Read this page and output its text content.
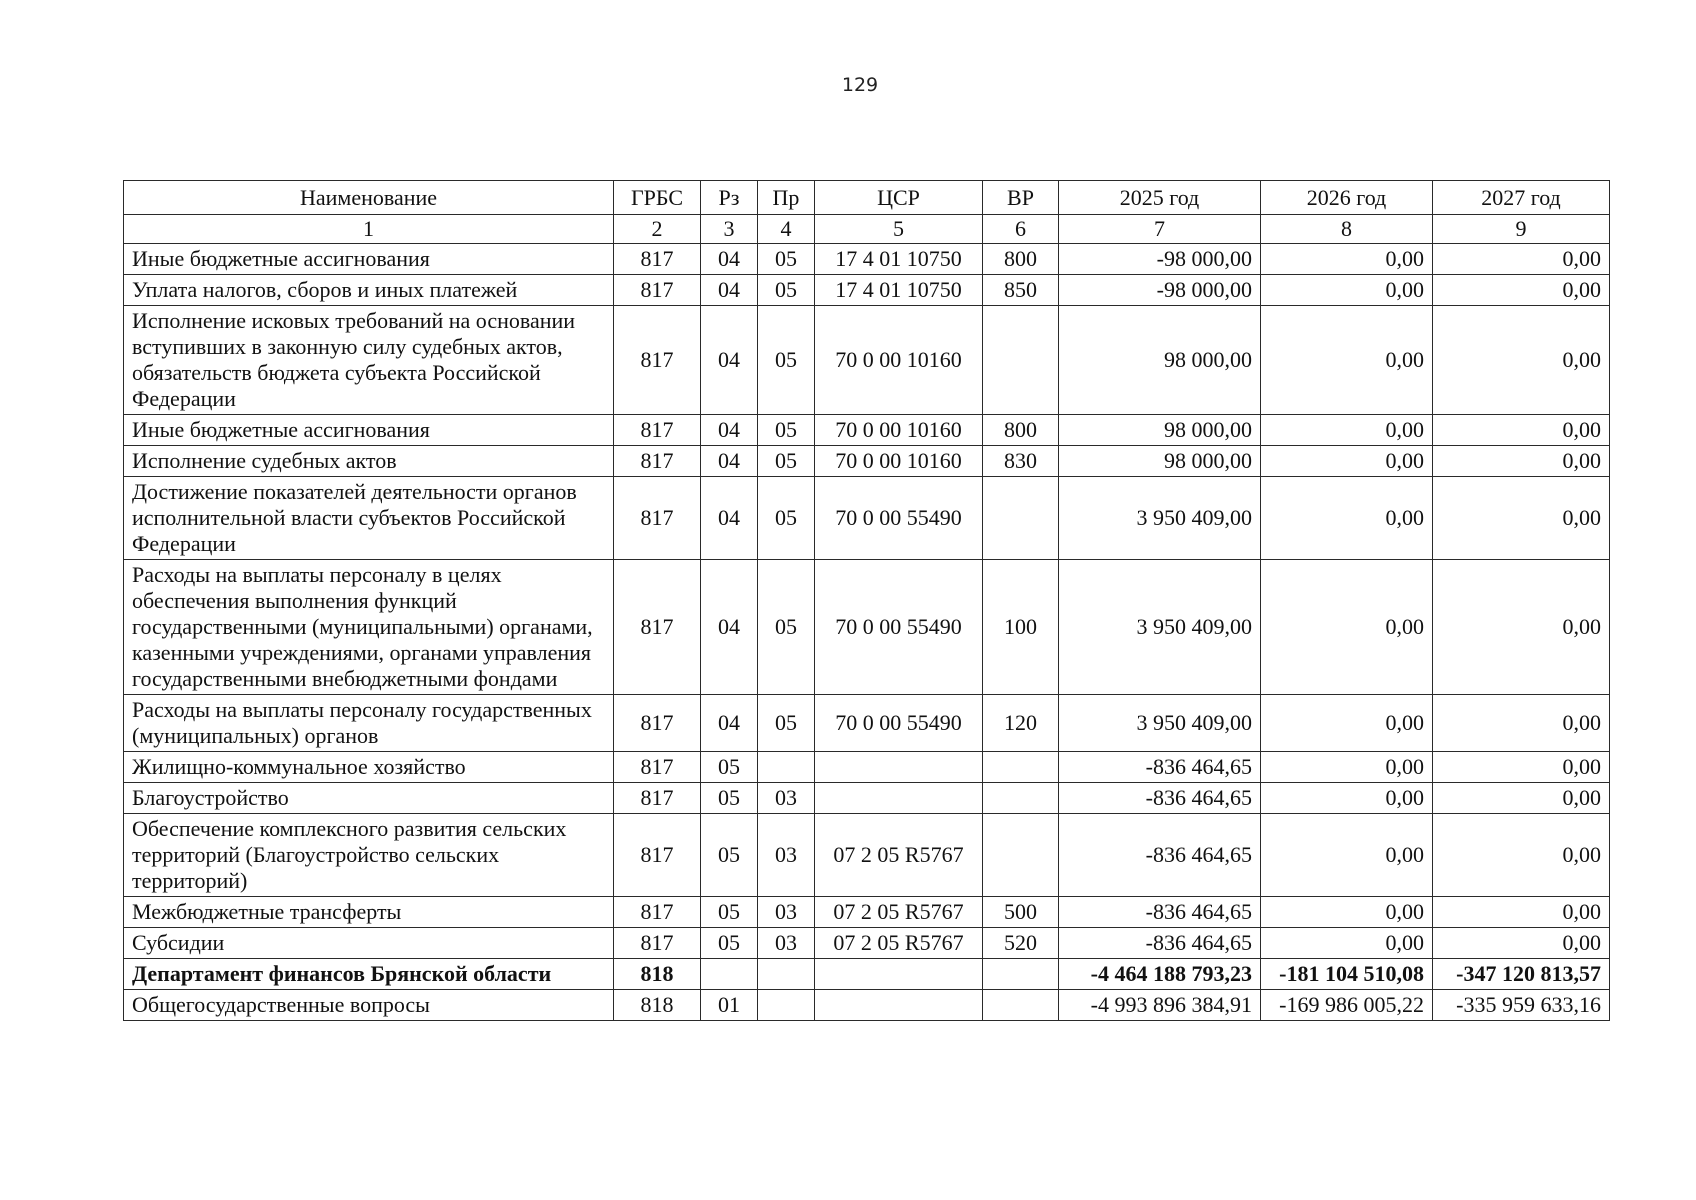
129
Наименование	ГРБС	Рз	Пр	ЦСР	ВР	2025 год	2026 год	2027 год
1	2	3	4	5	6	7	8	9
Иные бюджетные ассигнования	817	04	05	17 4 01 10750	800	-98 000,00	0,00	0,00
Уплата налогов, сборов и иных платежей	817	04	05	17 4 01 10750	850	-98 000,00	0,00	0,00
Исполнение исковых требований на основании вступивших в законную силу судебных актов, обязательств бюджета субъекта Российской Федерации	817	04	05	70 0 00 10160		98 000,00	0,00	0,00
Иные бюджетные ассигнования	817	04	05	70 0 00 10160	800	98 000,00	0,00	0,00
Исполнение судебных актов	817	04	05	70 0 00 10160	830	98 000,00	0,00	0,00
Достижение показателей деятельности органов исполнительной власти субъектов Российской Федерации	817	04	05	70 0 00 55490		3 950 409,00	0,00	0,00
Расходы на выплаты персоналу в целях обеспечения выполнения функций государственными (муниципальными) органами, казенными учреждениями, органами управления государственными внебюджетными фондами	817	04	05	70 0 00 55490	100	3 950 409,00	0,00	0,00
Расходы на выплаты персоналу государственных (муниципальных) органов	817	04	05	70 0 00 55490	120	3 950 409,00	0,00	0,00
Жилищно-коммунальное хозяйство	817	05				-836 464,65	0,00	0,00
Благоустройство	817	05	03			-836 464,65	0,00	0,00
Обеспечение комплексного развития сельских территорий (Благоустройство сельских территорий)	817	05	03	07 2 05 R5767		-836 464,65	0,00	0,00
Межбюджетные трансферты	817	05	03	07 2 05 R5767	500	-836 464,65	0,00	0,00
Субсидии	817	05	03	07 2 05 R5767	520	-836 464,65	0,00	0,00
Департамент финансов Брянской области	818					-4 464 188 793,23	-181 104 510,08	-347 120 813,57
Общегосударственные вопросы	818	01				-4 993 896 384,91	-169 986 005,22	-335 959 633,16
